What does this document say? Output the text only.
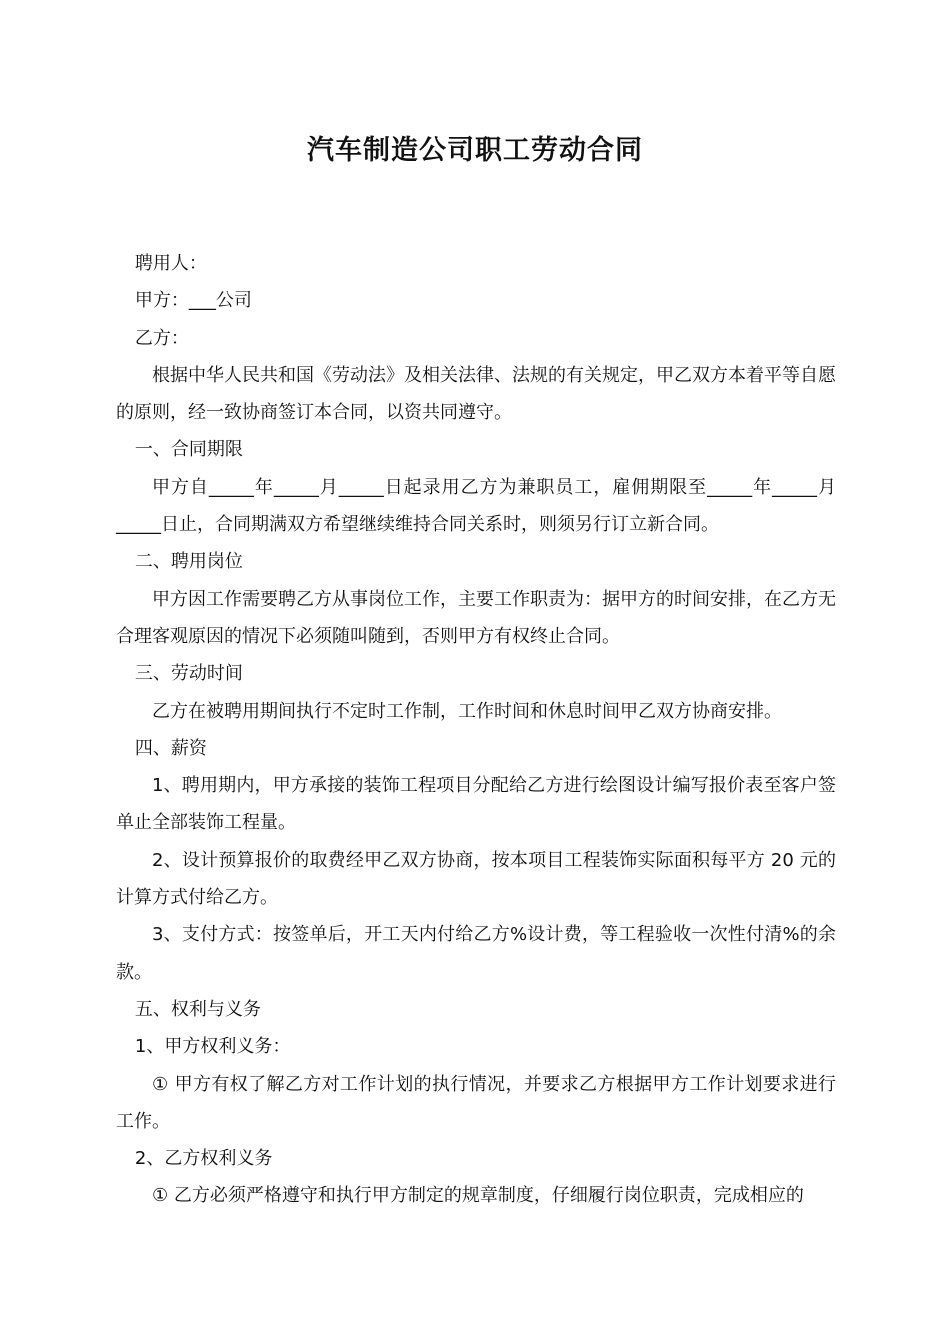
汽车制造公司职工劳动合同

聘用人：

甲方：___公司

乙方：

根据中华人民共和国《劳动法》及相关法律、法规的有关规定，甲乙双方本着平等自愿的原则，经一致协商签订本合同，以资共同遵守。

一、合同期限

甲方自_____年_____月_____日起录用乙方为兼职员工，雇佣期限至_____年_____月_____日止，合同期满双方希望继续维持合同关系时，则须另行订立新合同。

二、聘用岗位

甲方因工作需要聘乙方从事岗位工作，主要工作职责为：据甲方的时间安排，在乙方无合理客观原因的情况下必须随叫随到，否则甲方有权终止合同。

三、劳动时间

乙方在被聘用期间执行不定时工作制，工作时间和休息时间甲乙双方协商安排。

四、薪资

1、聘用期内，甲方承接的装饰工程项目分配给乙方进行绘图设计编写报价表至客户签单止全部装饰工程量。

2、设计预算报价的取费经甲乙双方协商，按本项目工程装饰实际面积每平方 20 元的计算方式付给乙方。

3、支付方式：按签单后，开工天内付给乙方%设计费，等工程验收一次性付清%的余款。

五、权利与义务

1、甲方权利义务：

① 甲方有权了解乙方对工作计划的执行情况，并要求乙方根据甲方工作计划要求进行工作。

2、乙方权利义务

① 乙方必须严格遵守和执行甲方制定的规章制度，仔细履行岗位职责，完成相应的
